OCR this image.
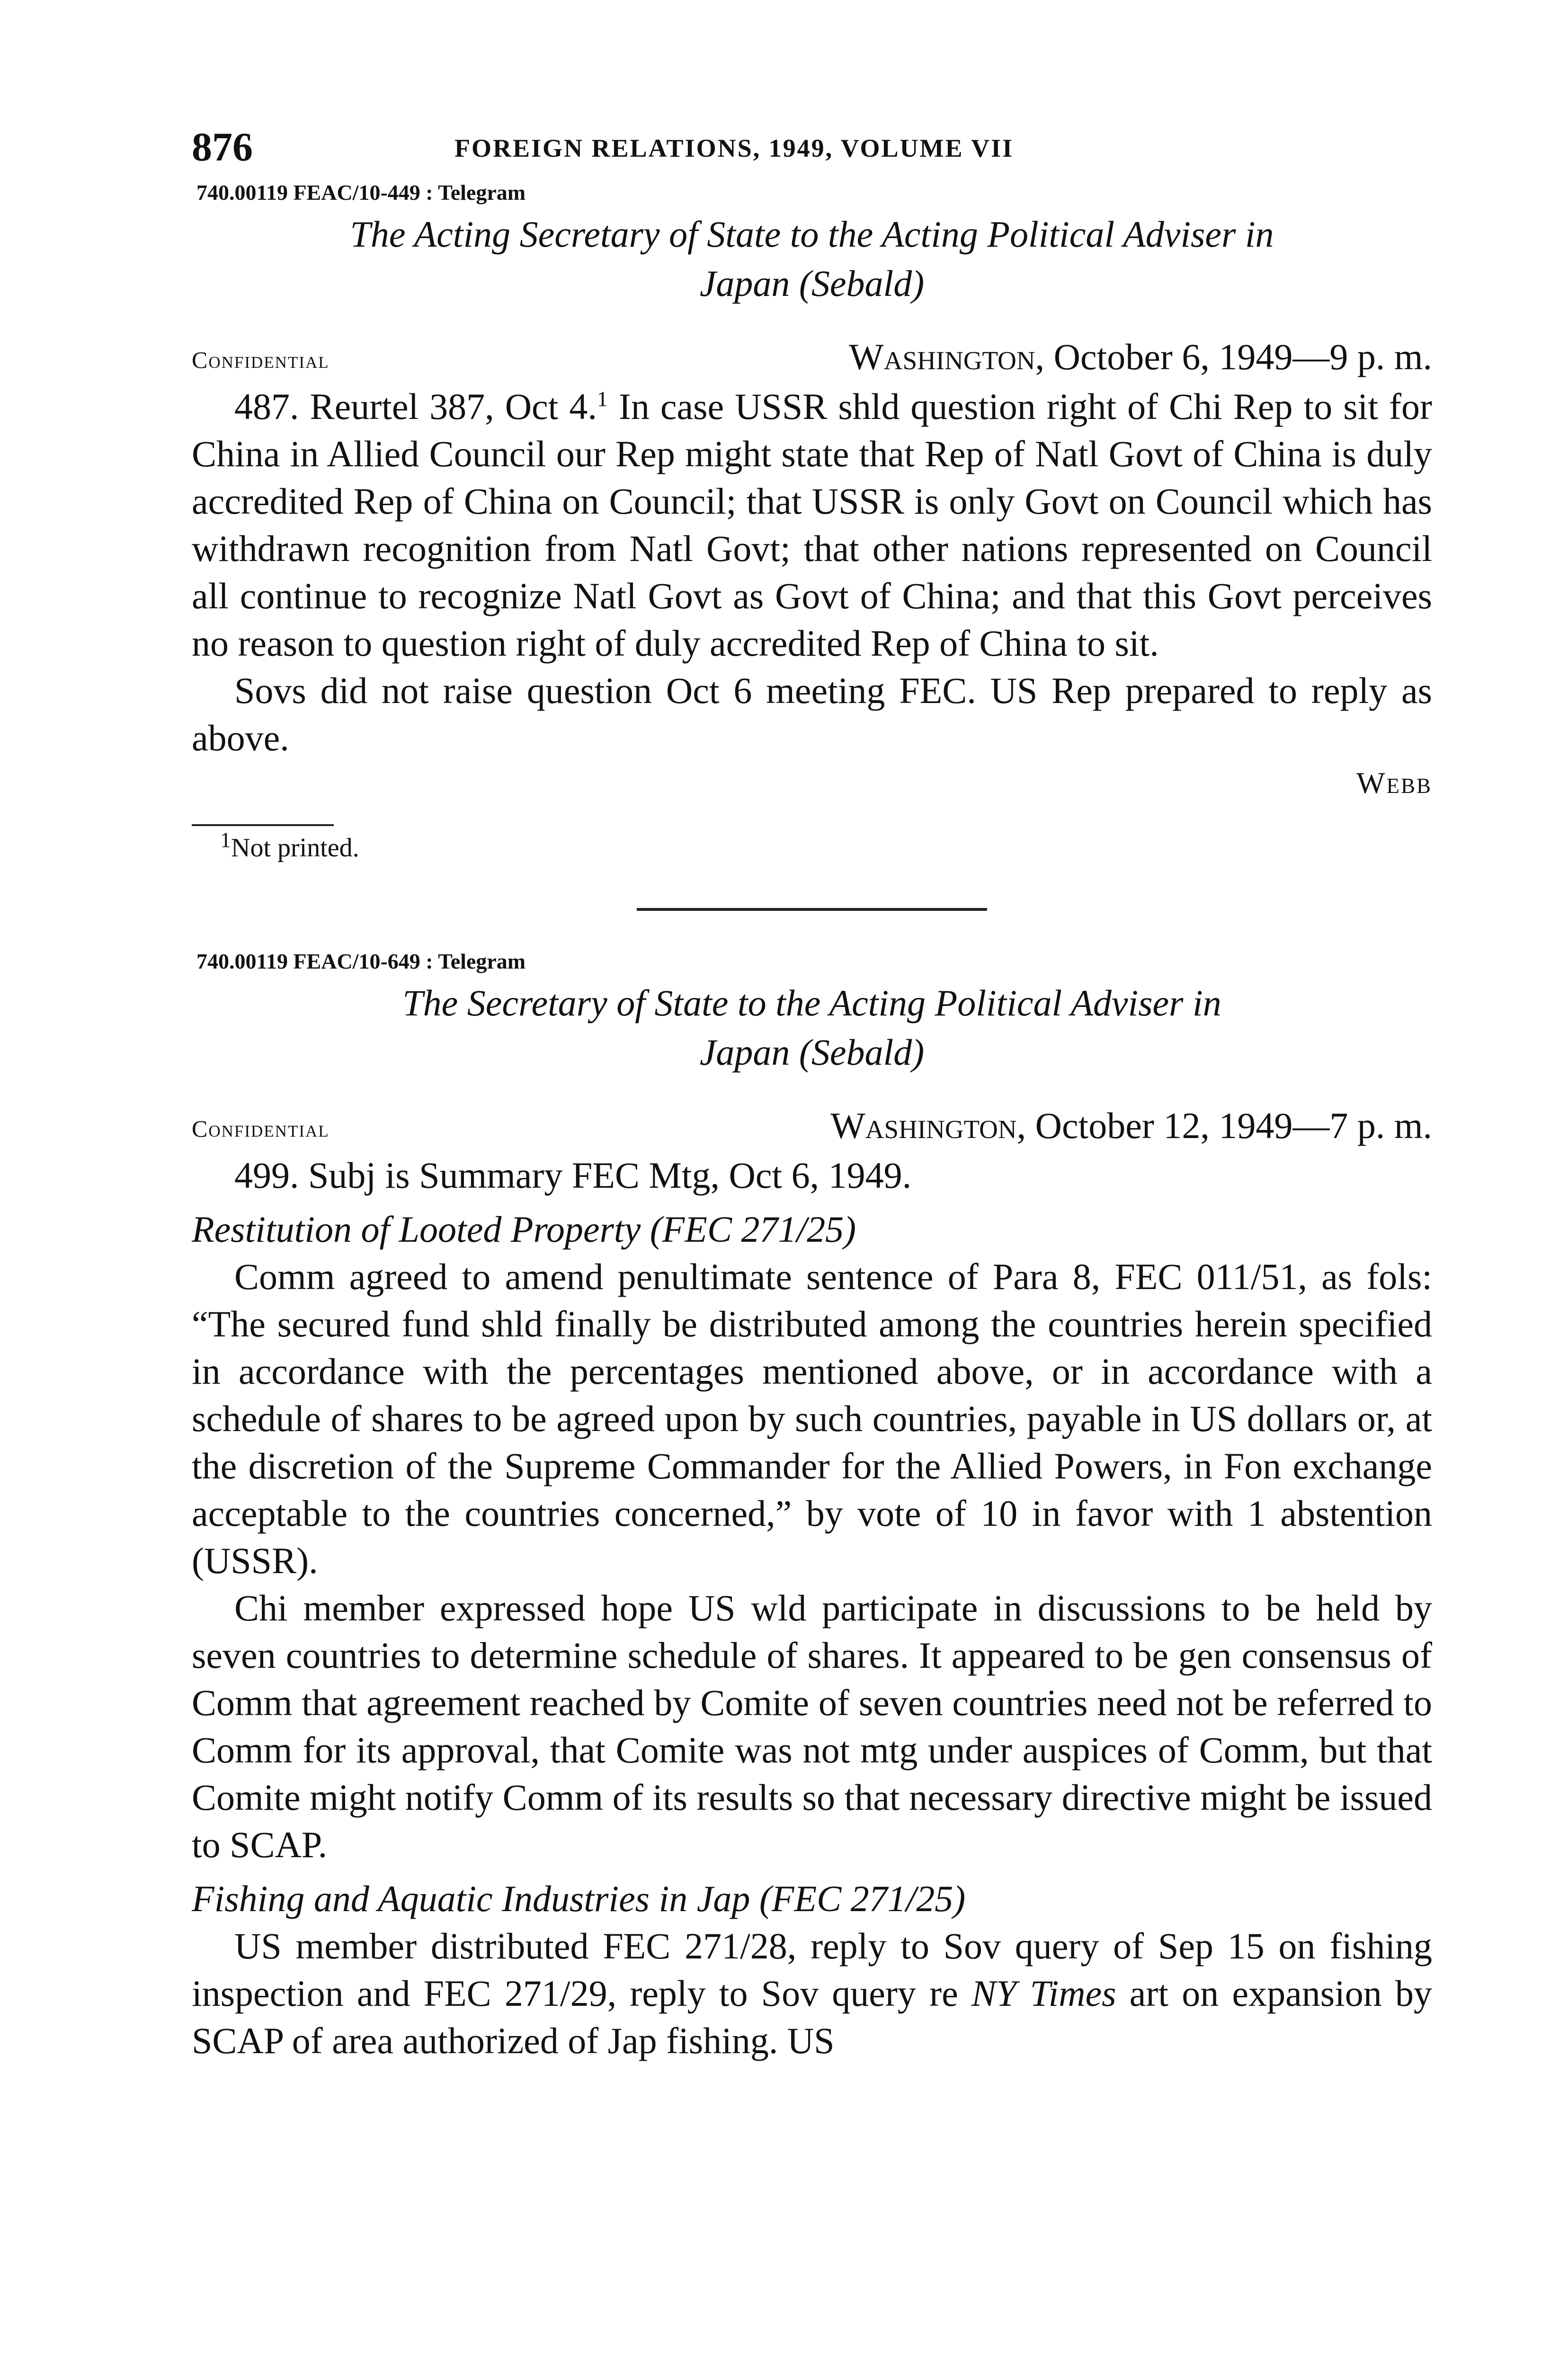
876	FOREIGN RELATIONS, 1949, VOLUME VII
740.00119 FEAC/10-449 : Telegram
The Acting Secretary of State to the Acting Political Adviser in
Japan (Sebald)
Confidential	Washington, October 6, 1949—9 p. m.

487. Reurtel 387, Oct 4.$^1$ In case USSR shld question right of Chi Rep to sit for China in Allied Council our Rep might state that Rep of Natl Govt of China is duly accredited Rep of China on Council; that USSR is only Govt on Council which has withdrawn recognition from Natl Govt; that other nations represented on Council all continue to recognize Natl Govt as Govt of China; and that this Govt perceives no reason to question right of duly accredited Rep of China to sit.

Sovs did not raise question Oct 6 meeting FEC. US Rep prepared to reply as above.

Webb
$^1$Not printed.
740.00119 FEAC/10-649 : Telegram
The Secretary of State to the Acting Political Adviser in
Japan (Sebald)
Confidential	Washington, October 12, 1949—7 p. m.

499. Subj is Summary FEC Mtg, Oct 6, 1949.

Restitution of Looted Property (FEC 271/25)

Comm agreed to amend penultimate sentence of Para 8, FEC 011/51, as fols: “The secured fund shld finally be distributed among the countries herein specified in accordance with the percentages mentioned above, or in accordance with a schedule of shares to be agreed upon by such countries, payable in US dollars or, at the discretion of the Supreme Commander for the Allied Powers, in Fon exchange acceptable to the countries concerned,” by vote of 10 in favor with 1 abstention (USSR).

Chi member expressed hope US wld participate in discussions to be held by seven countries to determine schedule of shares. It appeared to be gen consensus of Comm that agreement reached by Comite of seven countries need not be referred to Comm for its approval, that Comite was not mtg under auspices of Comm, but that Comite might notify Comm of its results so that necessary directive might be issued to SCAP.

Fishing and Aquatic Industries in Jap (FEC 271/25)

US member distributed FEC 271/28, reply to Sov query of Sep 15 on fishing inspection and FEC 271/29, reply to Sov query re NY Times art on expansion by SCAP of area authorized of Jap fishing. US
